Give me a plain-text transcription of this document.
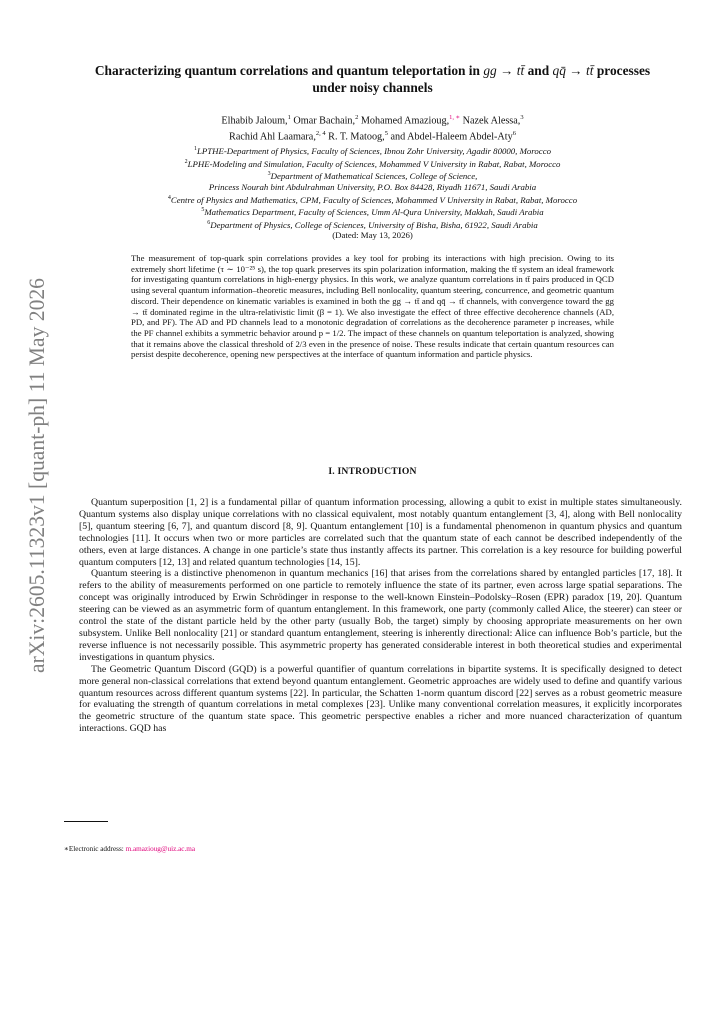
arXiv:2605.11323v1 [quant-ph] 11 May 2026
Characterizing quantum correlations and quantum teleportation in gg → tt̄ and qq̄ → tt̄ processes
under noisy channels
Elhabib Jaloum,$^1$ Omar Bachain,$^2$ Mohamed Amazioug,$^{1, ∗}$ Nazek Alessa,$^3$
Rachid Ahl Laamara,$^{2, 4}$ R. T. Matoog,$^5$ and Abdel-Haleem Abdel-Aty$^6$
$^1$LPTHE-Department of Physics, Faculty of Sciences, Ibnou Zohr University, Agadir 80000, Morocco
$^2$LPHE-Modeling and Simulation, Faculty of Sciences, Mohammed V University in Rabat, Rabat, Morocco
$^3$Department of Mathematical Sciences, College of Science,
Princess Nourah bint Abdulrahman University, P.O. Box 84428, Riyadh 11671, Saudi Arabia
$^4$Centre of Physics and Mathematics, CPM, Faculty of Sciences, Mohammed V University in Rabat, Rabat, Morocco
$^5$Mathematics Department, Faculty of Sciences, Umm Al-Qura University, Makkah, Saudi Arabia
$^6$Department of Physics, College of Sciences, University of Bisha, Bisha, 61922, Saudi Arabia
(Dated: May 13, 2026)
The measurement of top-quark spin correlations provides a key tool for probing its interactions with high precision. Owing to its extremely short lifetime (τ ∼ 10⁻²⁵ s), the top quark preserves its spin polarization information, making the tt̄ system an ideal framework for investigating quantum correlations in high-energy physics. In this work, we analyze quantum correlations in tt̄ pairs produced in QCD using several quantum information–theoretic measures, including Bell nonlocality, quantum steering, concurrence, and geometric quantum discord. Their dependence on kinematic variables is examined in both the gg → tt̄ and qq̄ → tt̄ channels, with convergence toward the gg → tt̄ dominated regime in the ultra-relativistic limit (β = 1). We also investigate the effect of three effective decoherence channels (AD, PD, and PF). The AD and PD channels lead to a monotonic degradation of correlations as the decoherence parameter p increases, while the PF channel exhibits a symmetric behavior around p = 1/2. The impact of these channels on quantum teleportation is analyzed, showing that it remains above the classical threshold of 2/3 even in the presence of noise. These results indicate that certain quantum resources can persist despite decoherence, opening new perspectives at the interface of quantum information and particle physics.
I. INTRODUCTION

Quantum superposition [1, 2] is a fundamental pillar of quantum information processing, allowing a qubit to exist in multiple states simultaneously. Quantum systems also display unique correlations with no classical equivalent, most notably quantum entanglement [3, 4], along with Bell nonlocality [5], quantum steering [6, 7], and quantum discord [8, 9]. Quantum entanglement [10] is a fundamental phenomenon in quantum physics and quantum technologies [11]. It occurs when two or more particles are correlated such that the quantum state of each cannot be described independently of the others, even at large distances. A change in one particle’s state thus instantly affects its partner. This correlation is a key resource for building powerful quantum computers [12, 13] and related quantum technologies [14, 15].

Quantum steering is a distinctive phenomenon in quantum mechanics [16] that arises from the correlations shared by entangled particles [17, 18]. It refers to the ability of measurements performed on one particle to remotely influence the state of its partner, even across large spatial separations. The concept was originally introduced by Erwin Schrödinger in response to the well-known Einstein–Podolsky–Rosen (EPR) paradox [19, 20]. Quantum steering can be viewed as an asymmetric form of quantum entanglement. In this framework, one party (commonly called Alice, the steerer) can steer or control the state of the distant particle held by the other party (usually Bob, the target) simply by choosing appropriate measurements on her own subsystem. Unlike Bell nonlocality [21] or standard quantum entanglement, steering is inherently directional: Alice can influence Bob’s particle, but the reverse influence is not necessarily possible. This asymmetric property has generated considerable interest in both theoretical studies and experimental investigations in quantum physics.

The Geometric Quantum Discord (GQD) is a powerful quantifier of quantum correlations in bipartite systems. It is specifically designed to detect more general non-classical correlations that extend beyond quantum entanglement. Geometric approaches are widely used to define and quantify various quantum resources across different quantum systems [22]. In particular, the Schatten 1-norm quantum discord [22] serves as a robust geometric measure for evaluating the strength of quantum correlations in metal complexes [23]. Unlike many conventional correlation measures, it explicitly incorporates the geometric structure of the quantum state space. This geometric perspective enables a richer and more nuanced characterization of quantum interactions. GQD has

∗Electronic address: m.amazioug@uiz.ac.ma
